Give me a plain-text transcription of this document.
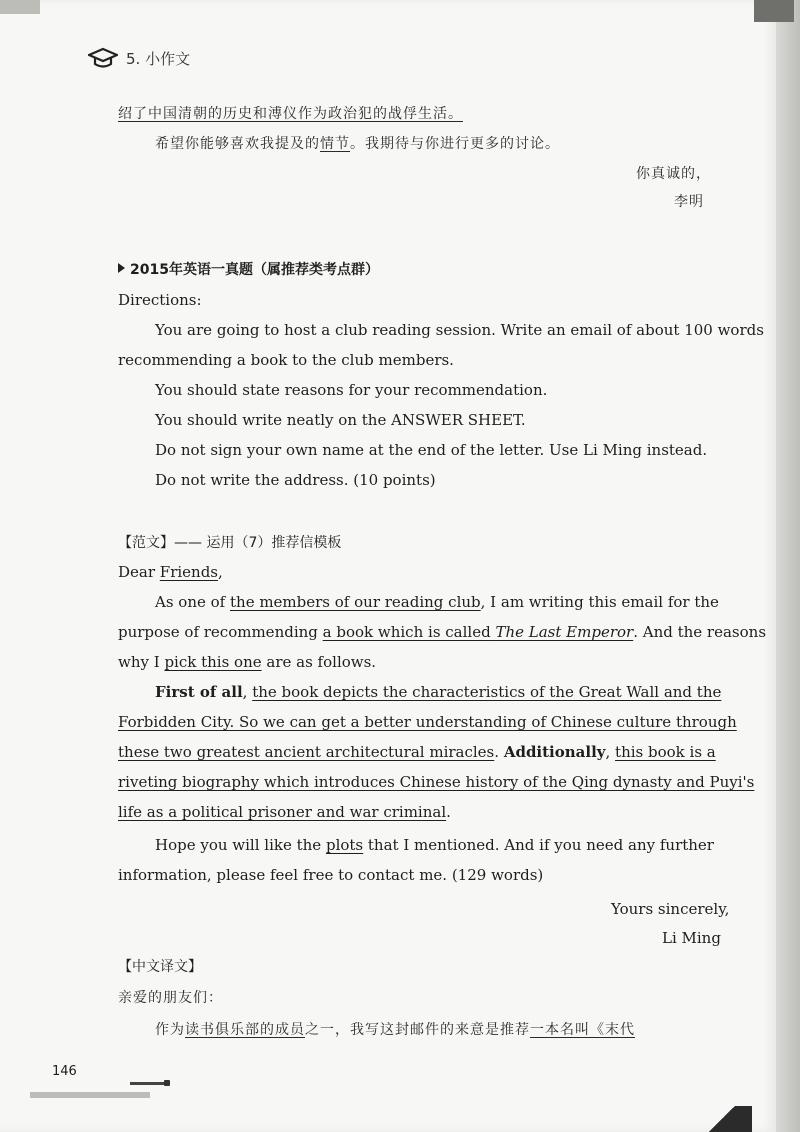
5. 小作文
绍了中国清朝的历史和溥仪作为政治犯的战俘生活。
希望你能够喜欢我提及的情节。我期待与你进行更多的讨论。
你真诚的，
李明
2015年英语一真题（属推荐类考点群）
Directions:
You are going to host a club reading session. Write an email of about 100 words
recommending a book to the club members.
You should state reasons for your recommendation.
You should write neatly on the ANSWER SHEET.
Do not sign your own name at the end of the letter. Use Li Ming instead.
Do not write the address. (10 points)
【范文】—— 运用（7）推荐信模板
Dear Friends,
As one of the members of our reading club, I am writing this email for the
purpose of recommending a book which is called The Last Emperor. And the reasons
why I pick this one are as follows.
First of all, the book depicts the characteristics of the Great Wall and the
Forbidden City. So we can get a better understanding of Chinese culture through
these two greatest ancient architectural miracles. Additionally, this book is a
riveting biography which introduces Chinese history of the Qing dynasty and Puyi's
life as a political prisoner and war criminal.
Hope you will like the plots that I mentioned. And if you need any further
information, please feel free to contact me. (129 words)
Yours sincerely,
Li Ming
【中文译文】
亲爱的朋友们：
作为读书俱乐部的成员之一，我写这封邮件的来意是推荐一本名叫《末代
146
